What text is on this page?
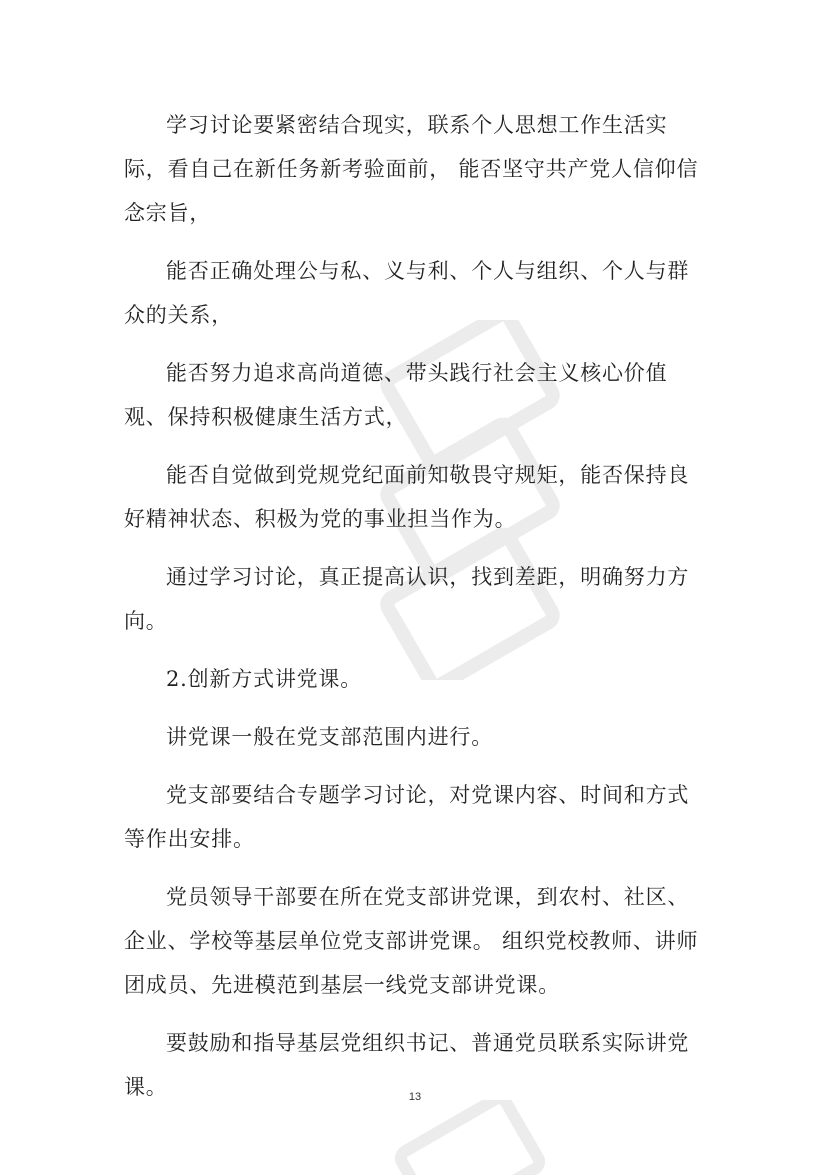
学习讨论要紧密结合现实，联系个人思想工作生活实际，看自己在新任务新考验面前， 能否坚守共产党人信仰信念宗旨，

能否正确处理公与私、义与利、个人与组织、个人与群众的关系，

能否努力追求高尚道德、带头践行社会主义核心价值观、保持积极健康生活方式，

能否自觉做到党规党纪面前知敬畏守规矩，能否保持良好精神状态、积极为党的事业担当作为。

通过学习讨论，真正提高认识，找到差距，明确努力方向。

2.创新方式讲党课。

讲党课一般在党支部范围内进行。

党支部要结合专题学习讨论，对党课内容、时间和方式等作出安排。

党员领导干部要在所在党支部讲党课，到农村、社区、企业、学校等基层单位党支部讲党课。 组织党校教师、讲师团成员、先进模范到基层一线党支部讲党课。

要鼓励和指导基层党组织书记、普通党员联系实际讲党课。	13
